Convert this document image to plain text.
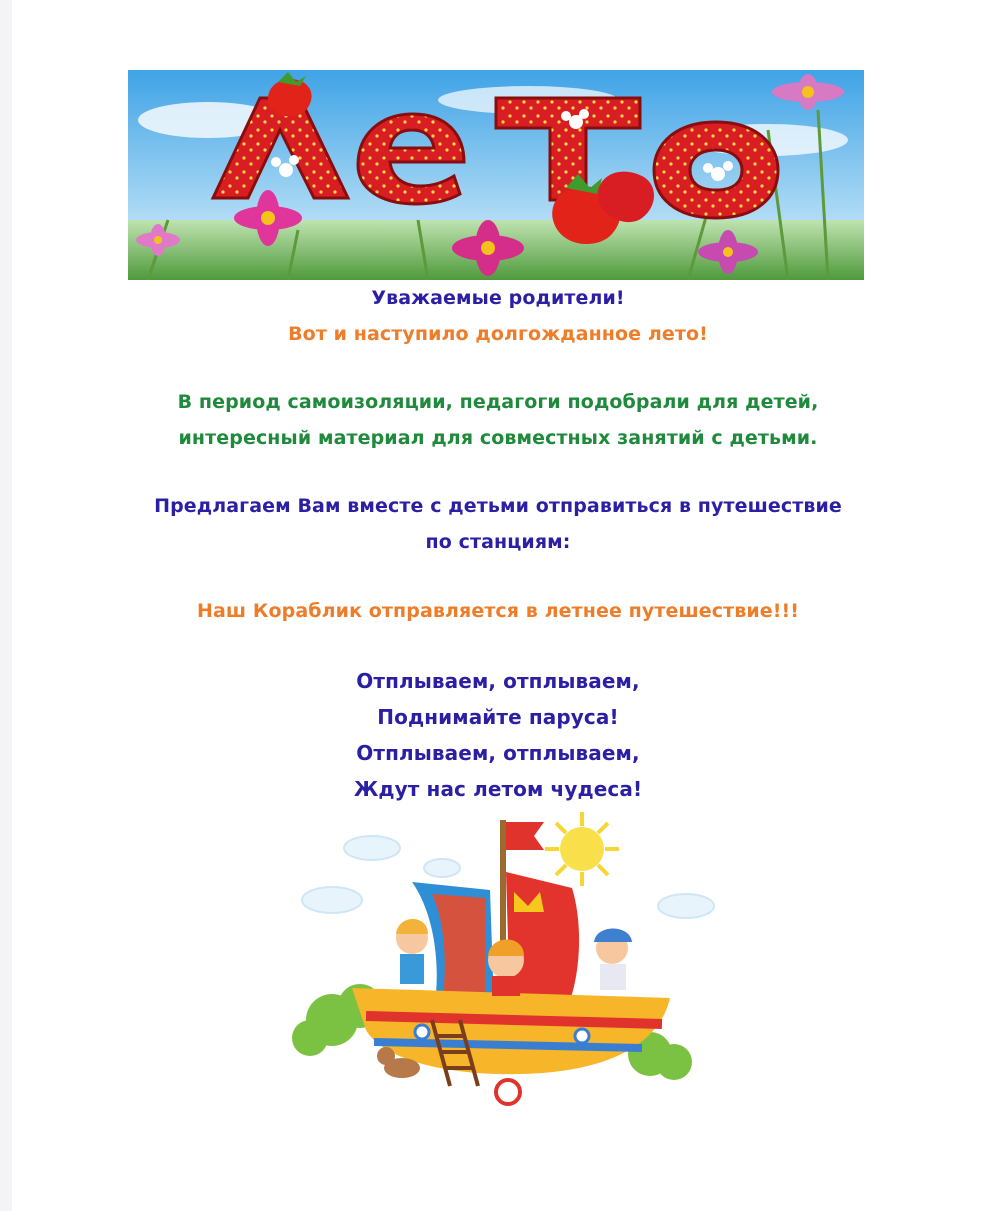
Уважаемые родители!
Вот и наступило долгожданное лето!
В период самоизоляции, педагоги подобрали для детей,
интересный материал для совместных занятий с детьми.
Предлагаем Вам вместе с детьми отправиться в путешествие
по станциям:
Наш Кораблик отправляется в летнее путешествие!!!
Отплываем, отплываем,
Поднимайте паруса!
Отплываем, отплываем,
Ждут нас летом чудеса!
